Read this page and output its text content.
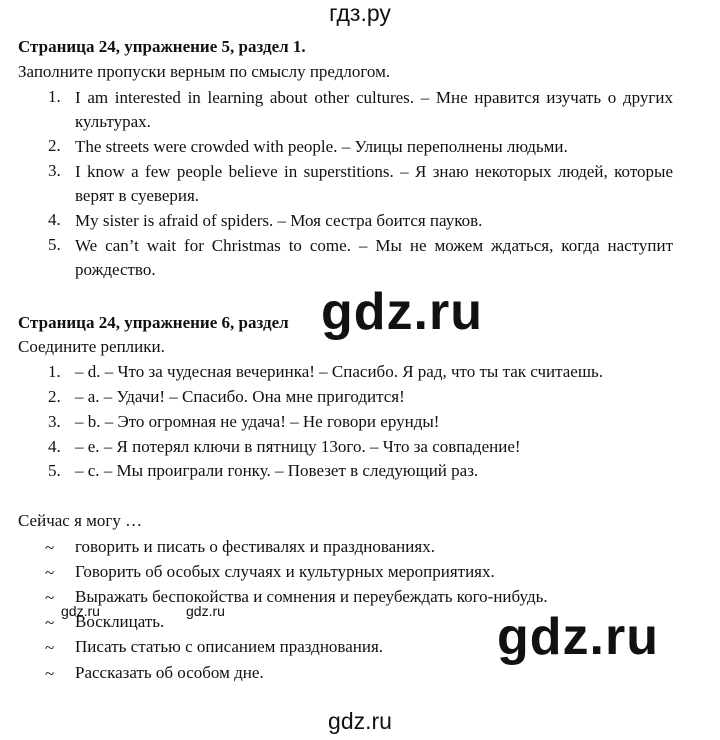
гдз.ру
Страница 24, упражнение 5, раздел 1.
Заполните пропуски верным по смыслу предлогом.
1. I am interested in learning about other cultures. – Мне нравится изучать о других культурах.
2. The streets were crowded with people. – Улицы переполнены людьми.
3. I know a few people believe in superstitions. – Я знаю некоторых людей, которые верят в суеверия.
4. My sister is afraid of spiders. – Моя сестра боится пауков.
5. We can’t wait for Christmas to come. – Мы не можем ждаться, когда наступит рождество.
Страница 24, упражнение 6, раздел
Соедините реплики.
1. – d. – Что за чудесная вечеринка! – Спасибо. Я рад, что ты так считаешь.
2. – a. – Удачи! – Спасибо. Она мне пригодится!
3. – b. – Это огромная не удача! – Не говори ерунды!
4. – e. – Я потерял ключи в пятницу 13ого. – Что за совпадение!
5. – c. – Мы проиграли гонку. – Повезет в следующий раз.
Сейчас я могу …
~ говорить и писать о фестивалях и празднованиях.
~ Говорить об особых случаях и культурных мероприятиях.
~ Выражать беспокойства и сомнения и переубеждать кого-нибудь.
~ Восклицать.
~ Писать статью с описанием празднования.
~ Рассказать об особом дне.
gdz.ru
gdz.ru	gdz.ru	gdz.ru
gdz.ru
